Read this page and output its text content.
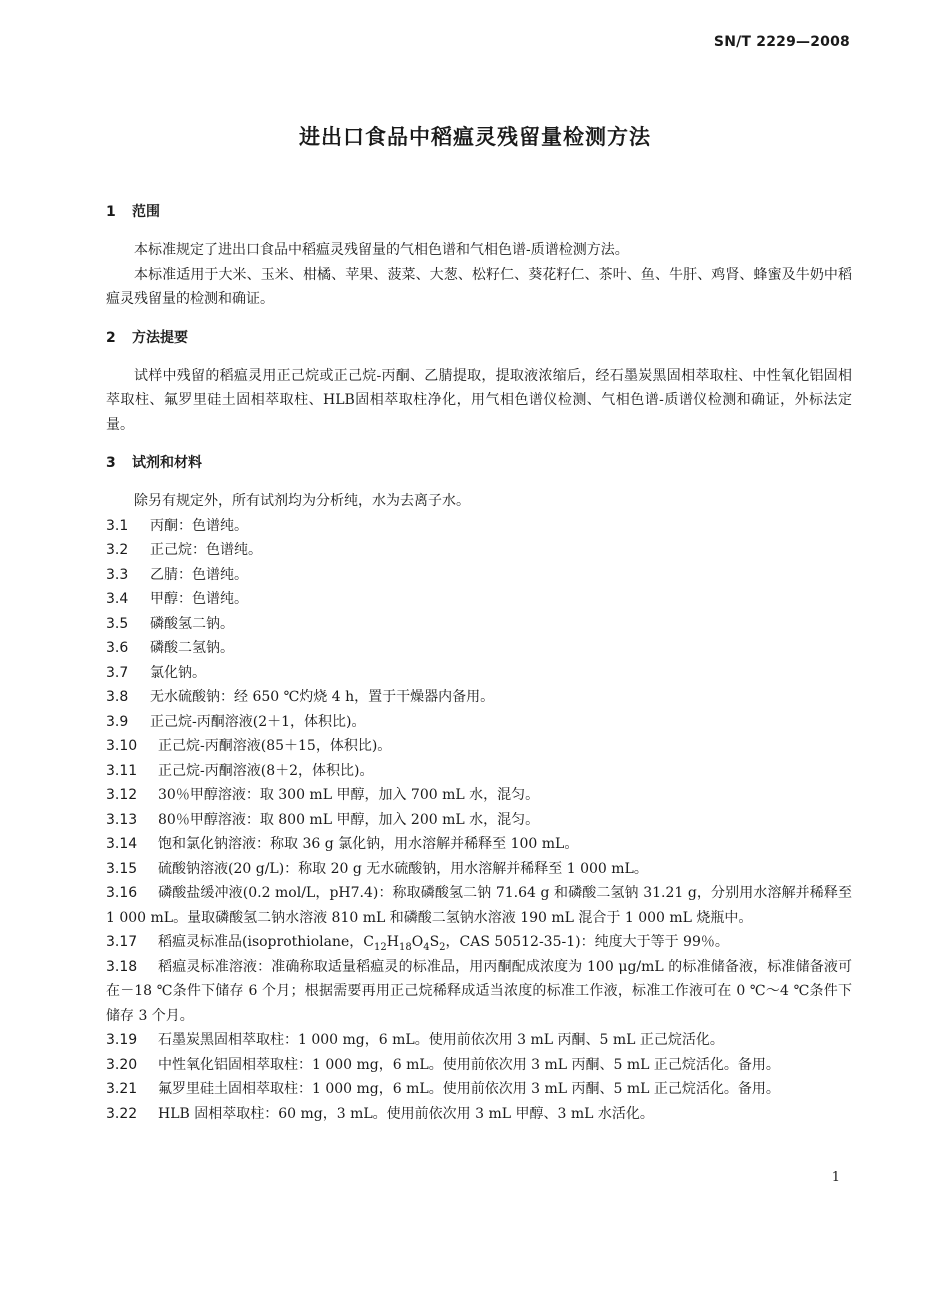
SN/T 2229—2008
进出口食品中稻瘟灵残留量检测方法
1 范围

本标准规定了进出口食品中稻瘟灵残留量的气相色谱和气相色谱-质谱检测方法。

本标准适用于大米、玉米、柑橘、苹果、菠菜、大葱、松籽仁、葵花籽仁、茶叶、鱼、牛肝、鸡肾、蜂蜜及牛奶中稻瘟灵残留量的检测和确证。

2 方法提要

试样中残留的稻瘟灵用正己烷或正己烷-丙酮、乙腈提取，提取液浓缩后，经石墨炭黑固相萃取柱、中性氧化铝固相萃取柱、氟罗里硅土固相萃取柱、HLB固相萃取柱净化，用气相色谱仪检测、气相色谱-质谱仪检测和确证，外标法定量。

3 试剂和材料

除另有规定外，所有试剂均为分析纯，水为去离子水。

3.1 丙酮：色谱纯。

3.2 正己烷：色谱纯。

3.3 乙腈：色谱纯。

3.4 甲醇：色谱纯。

3.5 磷酸氢二钠。

3.6 磷酸二氢钠。

3.7 氯化钠。

3.8 无水硫酸钠：经 650 ℃灼烧 4 h，置于干燥器内备用。

3.9 正己烷-丙酮溶液(2＋1，体积比)。

3.10 正己烷-丙酮溶液(85＋15，体积比)。

3.11 正己烷-丙酮溶液(8＋2，体积比)。

3.12 30％甲醇溶液：取 300 mL 甲醇，加入 700 mL 水，混匀。

3.13 80％甲醇溶液：取 800 mL 甲醇，加入 200 mL 水，混匀。

3.14 饱和氯化钠溶液：称取 36 g 氯化钠，用水溶解并稀释至 100 mL。

3.15 硫酸钠溶液(20 g/L)：称取 20 g 无水硫酸钠，用水溶解并稀释至 1 000 mL。

3.16 磷酸盐缓冲液(0.2 mol/L，pH7.4)：称取磷酸氢二钠 71.64 g 和磷酸二氢钠 31.21 g，分别用水溶解并稀释至 1 000 mL。量取磷酸氢二钠水溶液 810 mL 和磷酸二氢钠水溶液 190 mL 混合于 1 000 mL 烧瓶中。

3.17 稻瘟灵标准品(isoprothiolane，$C_{12}H_{18}O_4S_2$，CAS 50512-35-1)：纯度大于等于 99％。

3.18 稻瘟灵标准溶液：准确称取适量稻瘟灵的标准品，用丙酮配成浓度为 100 μg/mL 的标准储备液，标准储备液可在－18 ℃条件下储存 6 个月；根据需要再用正己烷稀释成适当浓度的标准工作液，标准工作液可在 0 ℃～4 ℃条件下储存 3 个月。

3.19 石墨炭黑固相萃取柱：1 000 mg，6 mL。使用前依次用 3 mL 丙酮、5 mL 正己烷活化。

3.20 中性氧化铝固相萃取柱：1 000 mg，6 mL。使用前依次用 3 mL 丙酮、5 mL 正己烷活化。备用。

3.21 氟罗里硅土固相萃取柱：1 000 mg，6 mL。使用前依次用 3 mL 丙酮、5 mL 正己烷活化。备用。

3.22 HLB 固相萃取柱：60 mg，3 mL。使用前依次用 3 mL 甲醇、3 mL 水活化。

1
